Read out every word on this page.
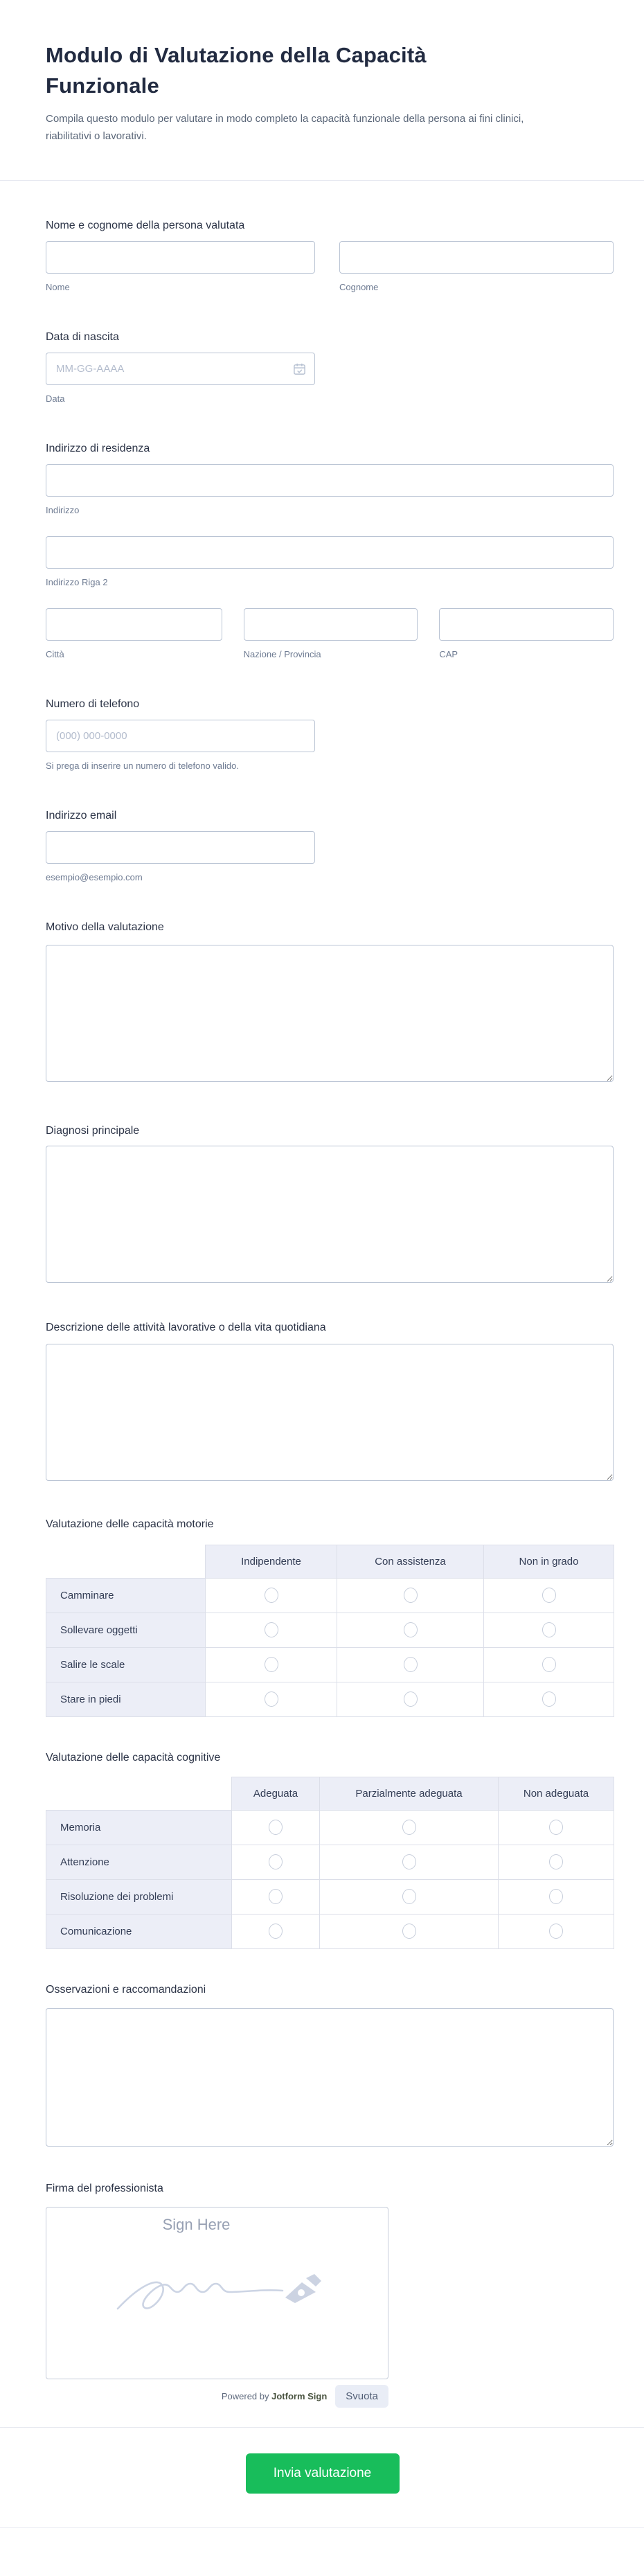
Modulo di Valutazione della Capacità Funzionale
Compila questo modulo per valutare in modo completo la capacità funzionale della persona ai fini clinici, riabilitativi o lavorativi.
Nome e cognome della persona valutata
Nome	Cognome
Data di nascita
MM-GG-AAAA
Data
Indirizzo di residenza
Indirizzo
Indirizzo Riga 2
Città	Nazione / Provincia	CAP
Numero di telefono
(000) 000-0000
Si prega di inserire un numero di telefono valido.
Indirizzo email
esempio@esempio.com
Motivo della valutazione
Diagnosi principale
Descrizione delle attività lavorative o della vita quotidiana
Valutazione delle capacità motorie
	Indipendente	Con assistenza	Non in grado
Camminare			
Sollevare oggetti			
Salire le scale			
Stare in piedi			
Valutazione delle capacità cognitive
	Adeguata	Parzialmente adeguata	Non adeguata
Memoria			
Attenzione			
Risoluzione dei problemi			
Comunicazione			
Osservazioni e raccomandazioni
Firma del professionista
Sign Here
Powered by Jotform Sign	Svuota
Invia valutazione
